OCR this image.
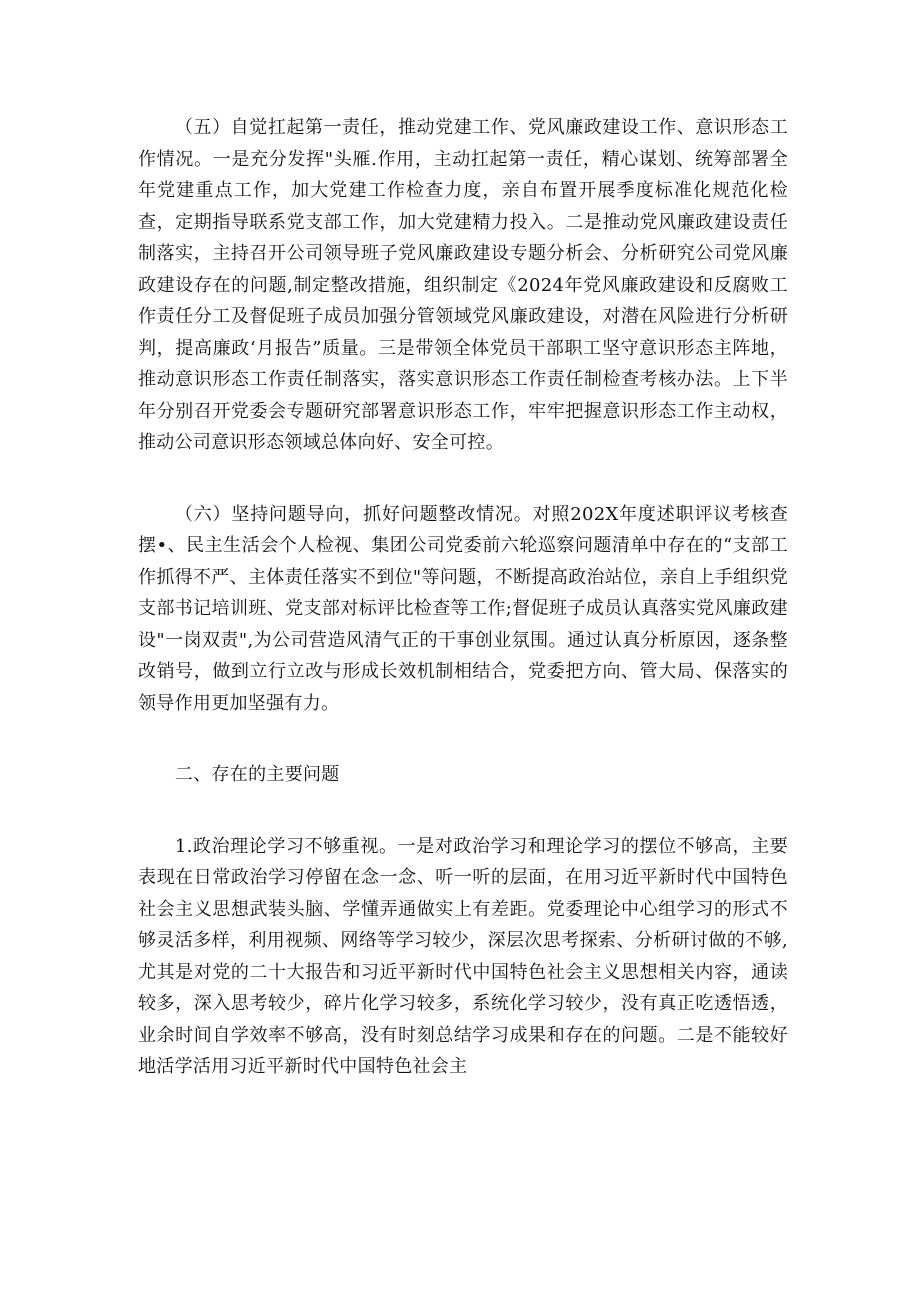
（五）自觉扛起第一责任，推动党建工作、党风廉政建设工作、意识形态工作情况。一是充分发挥"头雁.作用，主动扛起第一责任，精心谋划、统筹部署全年党建重点工作，加大党建工作检查力度，亲自布置开展季度标准化规范化检查，定期指导联系党支部工作，加大党建精力投入。二是推动党风廉政建设责任制落实，主持召开公司领导班子党风廉政建设专题分析会、分析研究公司党风廉政建设存在的问题,制定整改措施，组织制定《2024年党风廉政建设和反腐败工作责任分工及督促班子成员加强分管领域党风廉政建设，对潜在风险进行分析研判，提高廉政‘月报告”质量。三是带领全体党员干部职工坚守意识形态主阵地，推动意识形态工作责任制落实，落实意识形态工作责任制检查考核办法。上下半年分别召开党委会专题研究部署意识形态工作，牢牢把握意识形态工作主动权，推动公司意识形态领域总体向好、安全可控。

（六）坚持问题导向，抓好问题整改情况。对照202X年度述职评议考核查摆•、民主生活会个人检视、集团公司党委前六轮巡察问题清单中存在的“支部工作抓得不严、主体责任落实不到位"等问题，不断提高政治站位，亲自上手组织党支部书记培训班、党支部对标评比检查等工作;督促班子成员认真落实党风廉政建设"一岗双责",为公司营造风清气正的干事创业氛围。通过认真分析原因，逐条整改销号，做到立行立改与形成长效机制相结合，党委把方向、管大局、保落实的领导作用更加坚强有力。

二、存在的主要问题

1.政治理论学习不够重视。一是对政治学习和理论学习的摆位不够高，主要表现在日常政治学习停留在念一念、听一听的层面，在用习近平新时代中国特色社会主义思想武装头脑、学懂弄通做实上有差距。党委理论中心组学习的形式不够灵活多样，利用视频、网络等学习较少，深层次思考探索、分析研讨做的不够,尤其是对党的二十大报告和习近平新时代中国特色社会主义思想相关内容，通读较多，深入思考较少，碎片化学习较多，系统化学习较少，没有真正吃透悟透，业余时间自学效率不够高，没有时刻总结学习成果和存在的问题。二是不能较好地活学活用习近平新时代中国特色社会主
